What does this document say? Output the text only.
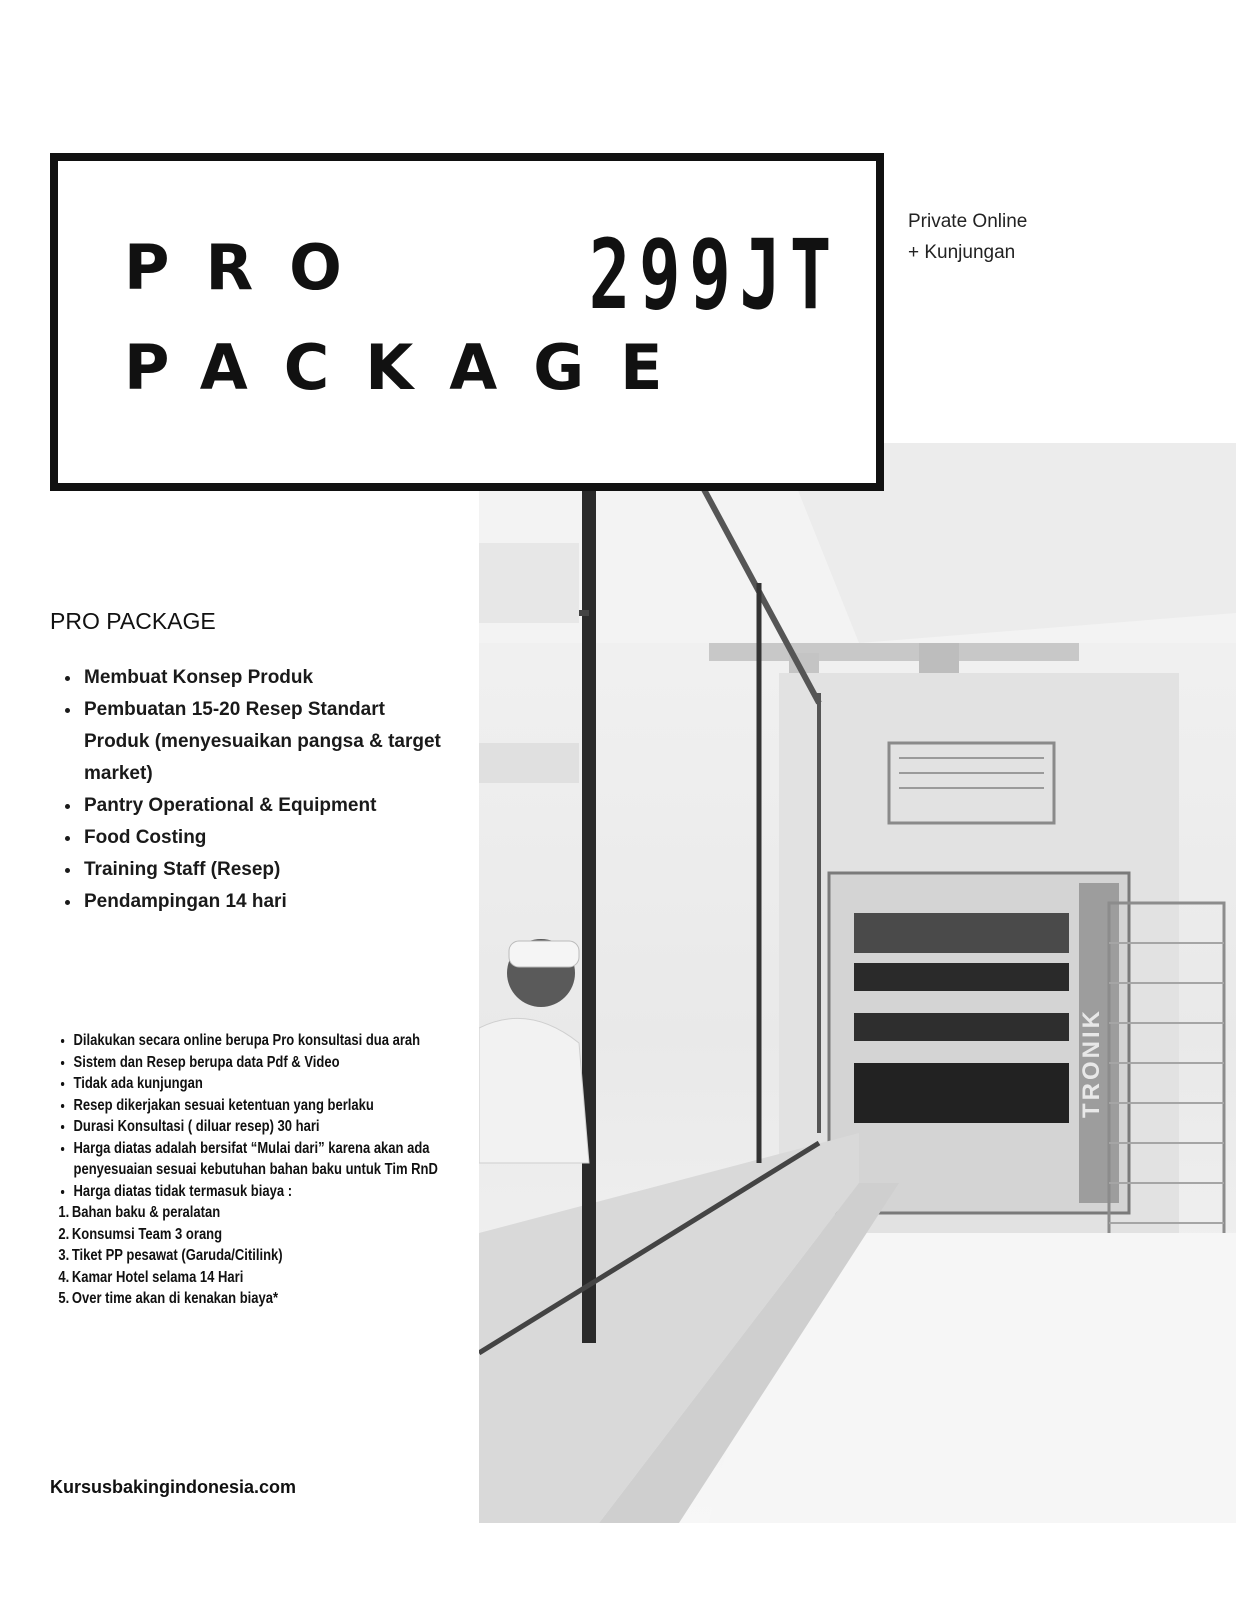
TRONIK
PRO
PACKAGE
299JT	Private Online
+ Kunjungan
PRO PACKAGE
• Membuat Konsep Produk
• Pembuatan 15-20 Resep Standart Produk (menyesuaikan pangsa & target market)
• Pantry Operational & Equipment
• Food Costing
• Training Staff (Resep)
• Pendampingan 14 hari
• Dilakukan secara online berupa Pro konsultasi dua arah
• Sistem dan Resep berupa data Pdf & Video
• Tidak ada kunjungan
• Resep dikerjakan sesuai ketentuan yang berlaku
• Durasi Konsultasi ( diluar resep) 30 hari
• Harga diatas adalah bersifat “Mulai dari” karena akan ada penyesuaian sesuai kebutuhan bahan baku untuk Tim RnD
• Harga diatas tidak termasuk biaya :
1. Bahan baku & peralatan
2. Konsumsi Team 3 orang
3. Tiket PP pesawat (Garuda/Citilink)
4. Kamar Hotel selama 14 Hari
5. Over time akan di kenakan biaya*
Kursusbakingindonesia.com
